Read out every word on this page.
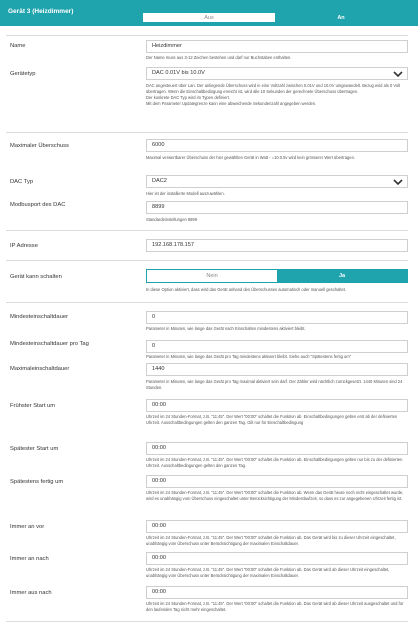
Gerät 3 (Heizdimmer)
Aus	An
Name	Heizdimmer
Der Name muss aus 3-12 Zeichen bestehen und darf nur Buchstaben enthalten.
Gerätetyp	DAC 0.01V bis 10.0V
DAC angesteuert über Lan. Der anliegende Überschuss wird in eine Voltzahl zwischen 0.01V und 10.0V umgewandelt. Bezug wird als 0 Volt übertragen. Wenn die Einschaltbedingung erreicht ist, wird alle 10 Sekunden der gerechnete Überschuss übertragen.
Der konkrete DAC Typ wird im Typen definiert.
Mit dem Parameter Updategrenze kann eine abweichende Sekundenzahl angegeben werden.
Maximaler Überschuss	6000
Maximal verwertbarer Überschuss der hier gewählten Gerät in Watt - =10.0.5v wird kein grösserer Wert übertragen.
DAC Typ	DAC2
Hier ist der installierte Modell auszuwählen.
Modbusport des DAC	8899
Standardeinstellungen 8899
IP Adresse	192.168.178.157
Gerät kann schalten	Nein	Ja
In diese Option aktiviert, dass wird das Gerät anhand des Überschusses automatisch oder manuell geschaltet.
Mindesteinschaltdauer	0
Parameter in Minuten, wie lange das Gerät nach Einschalten mindestens aktiviert bleibt.
Mindesteinschaltdauer pro Tag	0
Parameter in Minuten, wie lange das Gerät pro Tag mindestens aktiviert bleibt. Siehe auch "Spätestens fertig um"
Maximaleinschaltdauer	1440
Parameter in Minuten, wie lange das Gerät pro Tag maximal aktiviert sein darf. Der Zähler wird nächtlich zurückgesetzt. 1440 Minuten sind 24 Stunden.
Frühster Start um	00:00
Uhrzeit im 24 Stunden-Format, z.B. "11:45". Der Wert "00:00" schaltet die Funktion ab. Einschaltbedingungen gelten erst ab der definierten Uhrzeit. Ausschaltbedingungen gelten den ganzen Tag. Gilt nur für Einschaltbedingung
Spätester Start um	00:00
Uhrzeit im 24 Stunden-Format, z.B. "11:45". Der Wert "00:00" schaltet die Funktion ab. Einschaltbedingungen gelten nur bis zu der definierten Uhrzeit. Ausschaltbedingungen gelten den ganzen Tag.
Spätestens fertig um	00:00
Uhrzeit im 24 Stunden-Format, z.B. "11:45". Der Wert "00:00" schaltet die Funktion ab. Wenn das Gerät heute noch nicht eingeschaltet wurde, wird es unabhängig vom Überschuss eingeschaltet unter Berücksichtigung der Mindestlaufzeit, so dass es zur angegebenen Uhrzeit fertig ist.
Immer an vor	00:00
Uhrzeit im 24 Stunden-Format, z.B. "11:45". Der Wert "00:00" schaltet die Funktion ab. Das Gerät wird bis zu dieser Uhrzeit eingeschaltet, unabhängig vom Überschuss unter Berücksichtigung der maximalen Einschaltdauer.
Immer an nach	00:00
Uhrzeit im 24 Stunden-Format, z.B. "11:45". Der Wert "00:00" schaltet die Funktion ab. Das Gerät wird ab dieser Uhrzeit eingeschaltet, unabhängig vom Überschuss unter Berücksichtigung der maximalen Einschaltdauer.
Immer aus nach	00:00
Uhrzeit im 24 Stunden-Format, z.B. "11:45". Der Wert "00:00" schaltet die Funktion ab. Das Gerät wird ab dieser Uhrzeit ausgeschaltet und für den laufenden Tag nicht mehr eingeschaltet.
